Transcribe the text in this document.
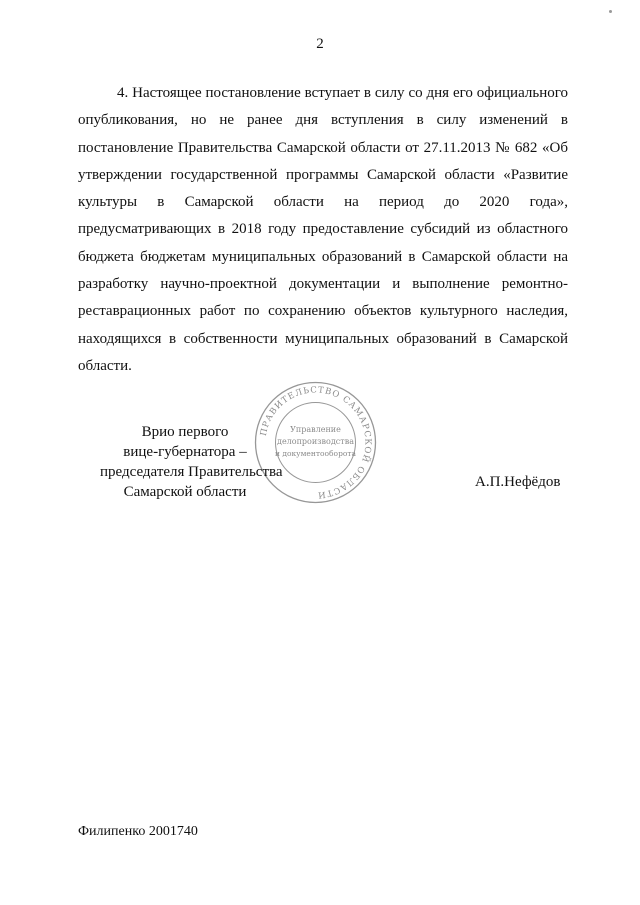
2

4. Настоящее постановление вступает в силу со дня его официального опубликования, но не ранее дня вступления в силу изменений в постановление Правительства Самарской области от 27.11.2013 № 682 «Об утверждении государственной программы Самарской области «Развитие культуры в Самарской области на период до 2020 года», предусматривающих в 2018 году предоставление субсидий из областного бюджета бюджетам муниципальных образований в Самарской области на разработку научно-проектной документации и выполнение ремонтно-реставрационных работ по сохранению объектов культурного наследия, находящихся в собственности муниципальных образований в Самарской области.

ПРАВИТЕЛЬСТВО САМАРСКОЙ ОБЛАСТИ
Управление
делопроизводства
и документооборота
Врио первого
вице-губернатора –
председателя Правительства
Самарской области
А.П.Нефёдов
Филипенко 2001740
